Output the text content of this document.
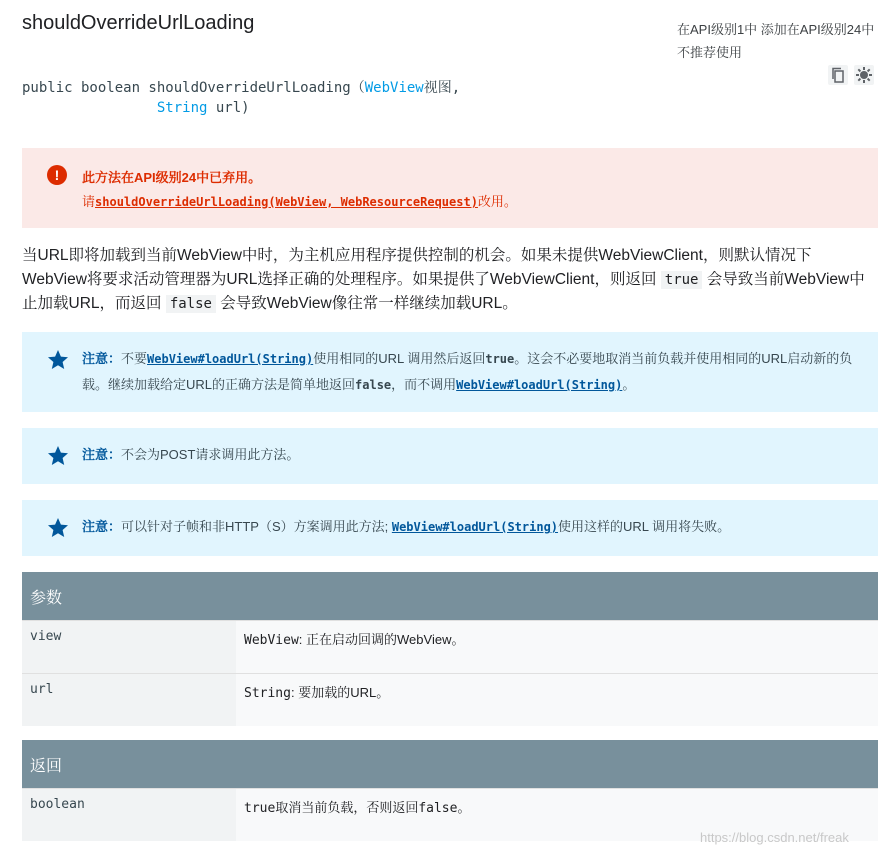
shouldOverrideUrlLoading	在API级别1中 添加在API级别24中不推荐使用
public boolean shouldOverrideUrlLoading（WebView视图,
String url)
!	此方法在API级别24中已弃用。
请shouldOverrideUrlLoading(WebView, WebResourceRequest)改用。
当URL即将加载到当前WebView中时，为主机应用程序提供控制的机会。如果未提供WebViewClient，则默认情况下WebView将要求活动管理器为URL选择正确的处理程序。如果提供了WebViewClient，则返回 true 会导致当前WebView中止加载URL，而返回 false 会导致WebView像往常一样继续加载URL。
注意：不要WebView#loadUrl(String)使用相同的URL 调用然后返回true。这会不必要地取消当前负载并使用相同的URL启动新的负载。继续加载给定URL的正确方法是简单地返回false，而不调用WebView#loadUrl(String)。
注意：不会为POST请求调用此方法。
注意：可以针对子帧和非HTTP（S）方案调用此方法; WebView#loadUrl(String)使用这样的URL 调用将失败。
参数
view	WebView: 正在启动回调的WebView。
url	String: 要加载的URL。
返回
boolean	true取消当前负载，否则返回false。
https://blog.csdn.net/freak
